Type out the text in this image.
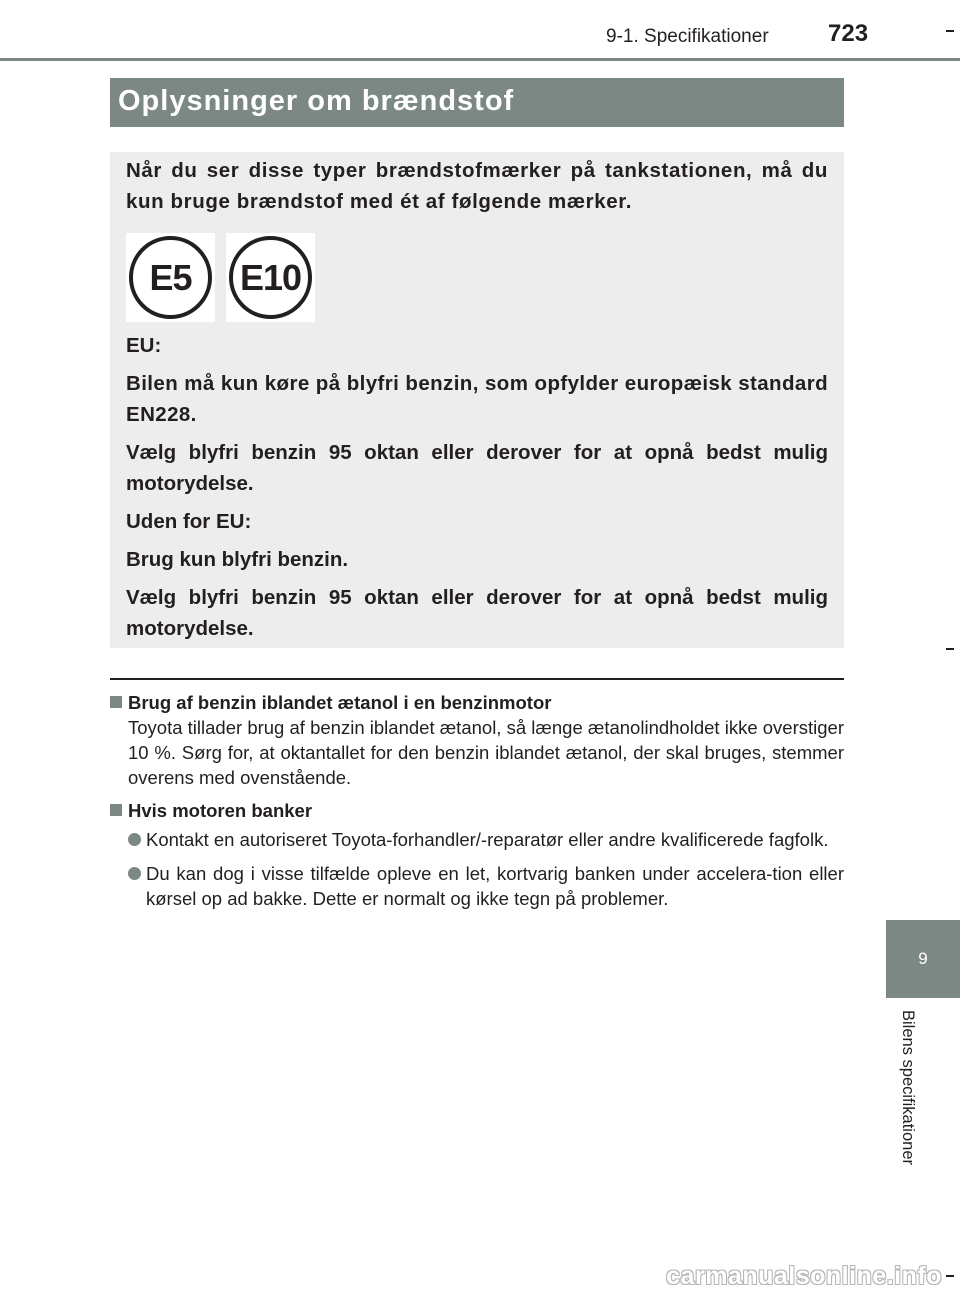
9-1. Specifikationer 723
Oplysninger om brændstof

Når du ser disse typer brændstofmærker på tankstationen, må du kun bruge brændstof med ét af følgende mærker.

E5	E10

EU:

Bilen må kun køre på blyfri benzin, som opfylder europæisk standard EN228.

Vælg blyfri benzin 95 oktan eller derover for at opnå bedst mulig motorydelse.

Uden for EU:

Brug kun blyfri benzin.

Vælg blyfri benzin 95 oktan eller derover for at opnå bedst mulig motorydelse.

Brug af benzin iblandet ætanol i en benzinmotor

Toyota tillader brug af benzin iblandet ætanol, så længe ætanolindholdet ikke overstiger 10 %. Sørg for, at oktantallet for den benzin iblandet ætanol, der skal bruges, stemmer overens med ovenstående.

Hvis motoren banker
Kontakt en autoriseret Toyota-forhandler/-reparatør eller andre kvalificerede fagfolk.
Du kan dog i visse tilfælde opleve en let, kortvarig banken under accelera-tion eller kørsel op ad bakke. Dette er normalt og ikke tegn på problemer.
9
Bilens specifikationer
carmanualsonline.info
